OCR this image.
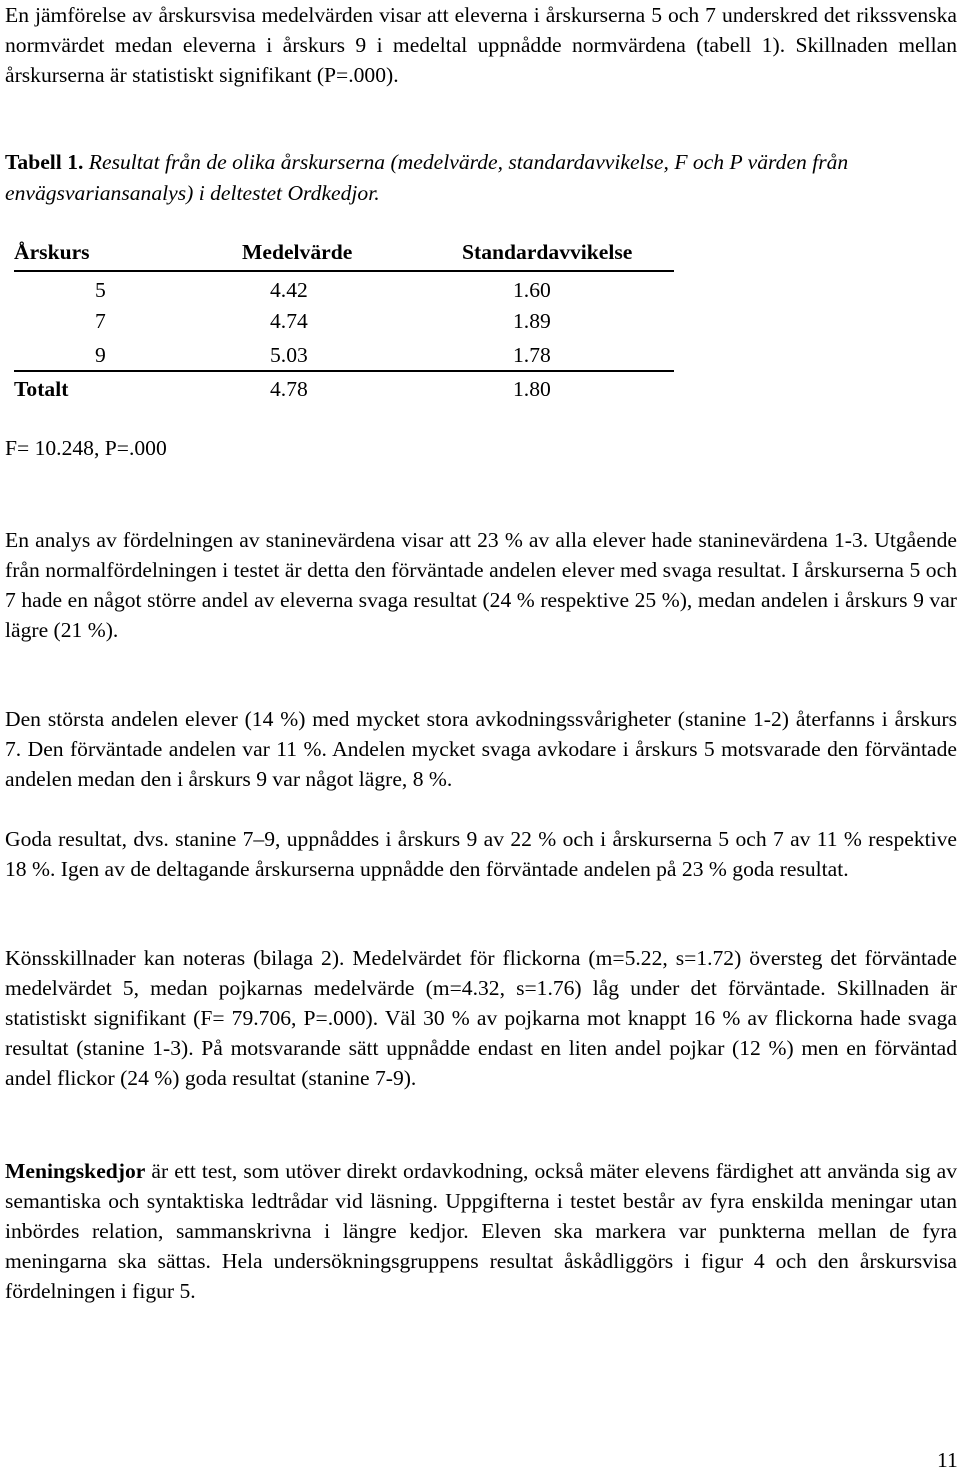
En jämförelse av årskursvisa medelvärden visar att eleverna i årskurserna 5 och 7 underskred det rikssvenska normvärdet medan eleverna i årskurs 9 i medeltal uppnådde normvärdena (tabell 1). Skillnaden mellan årskurserna är statistiskt signifikant (P=.000).

Tabell 1. Resultat från de olika årskurserna (medelvärde, standardavvikelse, F och P värden från envägsvariansanalys) i deltestet Ordkedjor.
Årskurs	Medelvärde	Standardavvikelse
5	4.42	1.60
7	4.74	1.89
9	5.03	1.78
Totalt	4.78	1.80
F= 10.248, P=.000

En analys av fördelningen av staninevärdena visar att 23 % av alla elever hade staninevärdena 1-3. Utgående från normalfördelningen i testet är detta den förväntade andelen elever med svaga resultat. I årskurserna 5 och 7 hade en något större andel av eleverna svaga resultat (24 % respektive 25 %), medan andelen i årskurs 9 var lägre (21 %).

Den största andelen elever (14 %) med mycket stora avkodningssvårigheter (stanine 1-2) återfanns i årskurs 7. Den förväntade andelen var 11 %. Andelen mycket svaga avkodare i årskurs 5 motsvarade den förväntade andelen medan den i årskurs 9 var något lägre, 8 %.

Goda resultat, dvs. stanine 7–9, uppnåddes i årskurs 9 av 22 % och i årskurserna 5 och 7 av 11 % respektive 18 %. Igen av de deltagande årskurserna uppnådde den förväntade andelen på 23 % goda resultat.

Könsskillnader kan noteras (bilaga 2). Medelvärdet för flickorna (m=5.22, s=1.72) översteg det förväntade medelvärdet 5, medan pojkarnas medelvärde (m=4.32, s=1.76) låg under det förväntade. Skillnaden är statistiskt signifikant (F= 79.706, P=.000). Väl 30 % av pojkarna mot knappt 16 % av flickorna hade svaga resultat (stanine 1-3). På motsvarande sätt uppnådde endast en liten andel pojkar (12 %) men en förväntad andel flickor (24 %) goda resultat (stanine 7-9).

Meningskedjor är ett test, som utöver direkt ordavkodning, också mäter elevens färdighet att använda sig av semantiska och syntaktiska ledtrådar vid läsning. Uppgifterna i testet består av fyra enskilda meningar utan inbördes relation, sammanskrivna i längre kedjor. Eleven ska markera var punkterna mellan de fyra meningarna ska sättas. Hela undersökningsgruppens resultat åskådliggörs i figur 4 och den årskursvisa fördelningen i figur 5.

11
